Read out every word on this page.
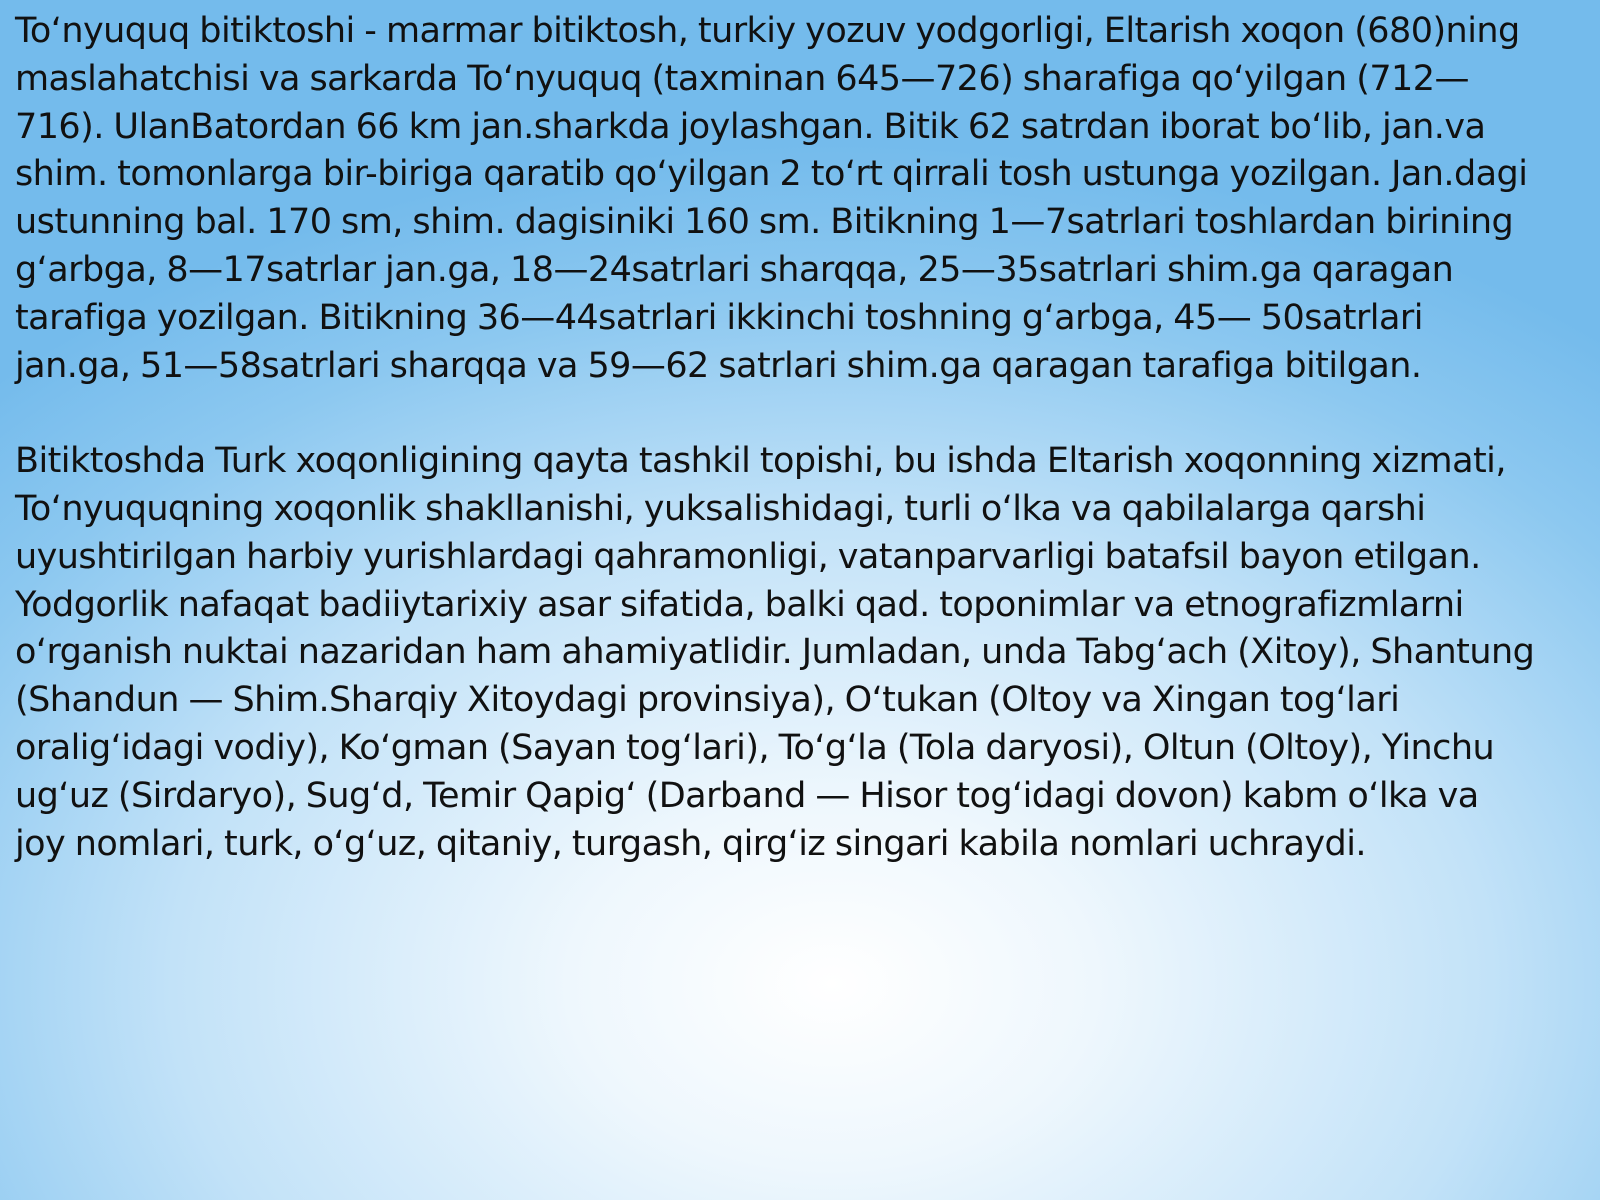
To‘nyuquq bitiktoshi - marmar bitiktosh, turkiy yozuv yodgorligi, Eltarish xoqon (680)ning maslahatchisi va sarkarda To‘nyuquq (taxminan 645—726) sharafiga qo‘yilgan (712—716). UlanBatordan 66 km jan.sharkda joylashgan. Bitik 62 satrdan iborat bo‘lib, jan.va shim. tomonlarga bir-biriga qaratib qo‘yilgan 2 to‘rt qirrali tosh ustunga yozilgan. Jan.dagi ustunning bal. 170 sm, shim. dagisiniki 160 sm. Bitikning 1—7satrlari toshlardan birining g‘arbga, 8—17satrlar jan.ga, 18—24satrlari sharqqa, 25—35satrlari shim.ga qaragan tarafiga yozilgan. Bitikning 36—44satrlari ikkinchi toshning g‘arbga, 45— 50satrlari jan.ga, 51—58satrlari sharqqa va 59—62 satrlari shim.ga qaragan tarafiga bitilgan.

Bitiktoshda Turk xoqonligining qayta tashkil topishi, bu ishda Eltarish xoqonning xizmati, To‘nyuquqning xoqonlik shakllanishi, yuksalishidagi, turli o‘lka va qabilalarga qarshi uyushtirilgan harbiy yurishlardagi qahramonligi, vatanparvarligi batafsil bayon etilgan. Yodgorlik nafaqat badiiytarixiy asar sifatida, balki qad. toponimlar va etnografizmlarni o‘rganish nuktai nazaridan ham ahamiyatlidir. Jumladan, unda Tabg‘ach (Xitoy), Shantung (Shandun — Shim.Sharqiy Xitoydagi provinsiya), O‘tukan (Oltoy va Xingan tog‘lari oralig‘idagi vodiy), Ko‘gman (Sayan tog‘lari), To‘g‘la (Tola daryosi), Oltun (Oltoy), Yinchu ug‘uz (Sirdaryo), Sug‘d, Temir Qapig‘ (Darband — Hisor tog‘idagi dovon) kabm o‘lka va joy nomlari, turk, o‘g‘uz, qitaniy, turgash, qirg‘iz singari kabila nomlari uchraydi.
